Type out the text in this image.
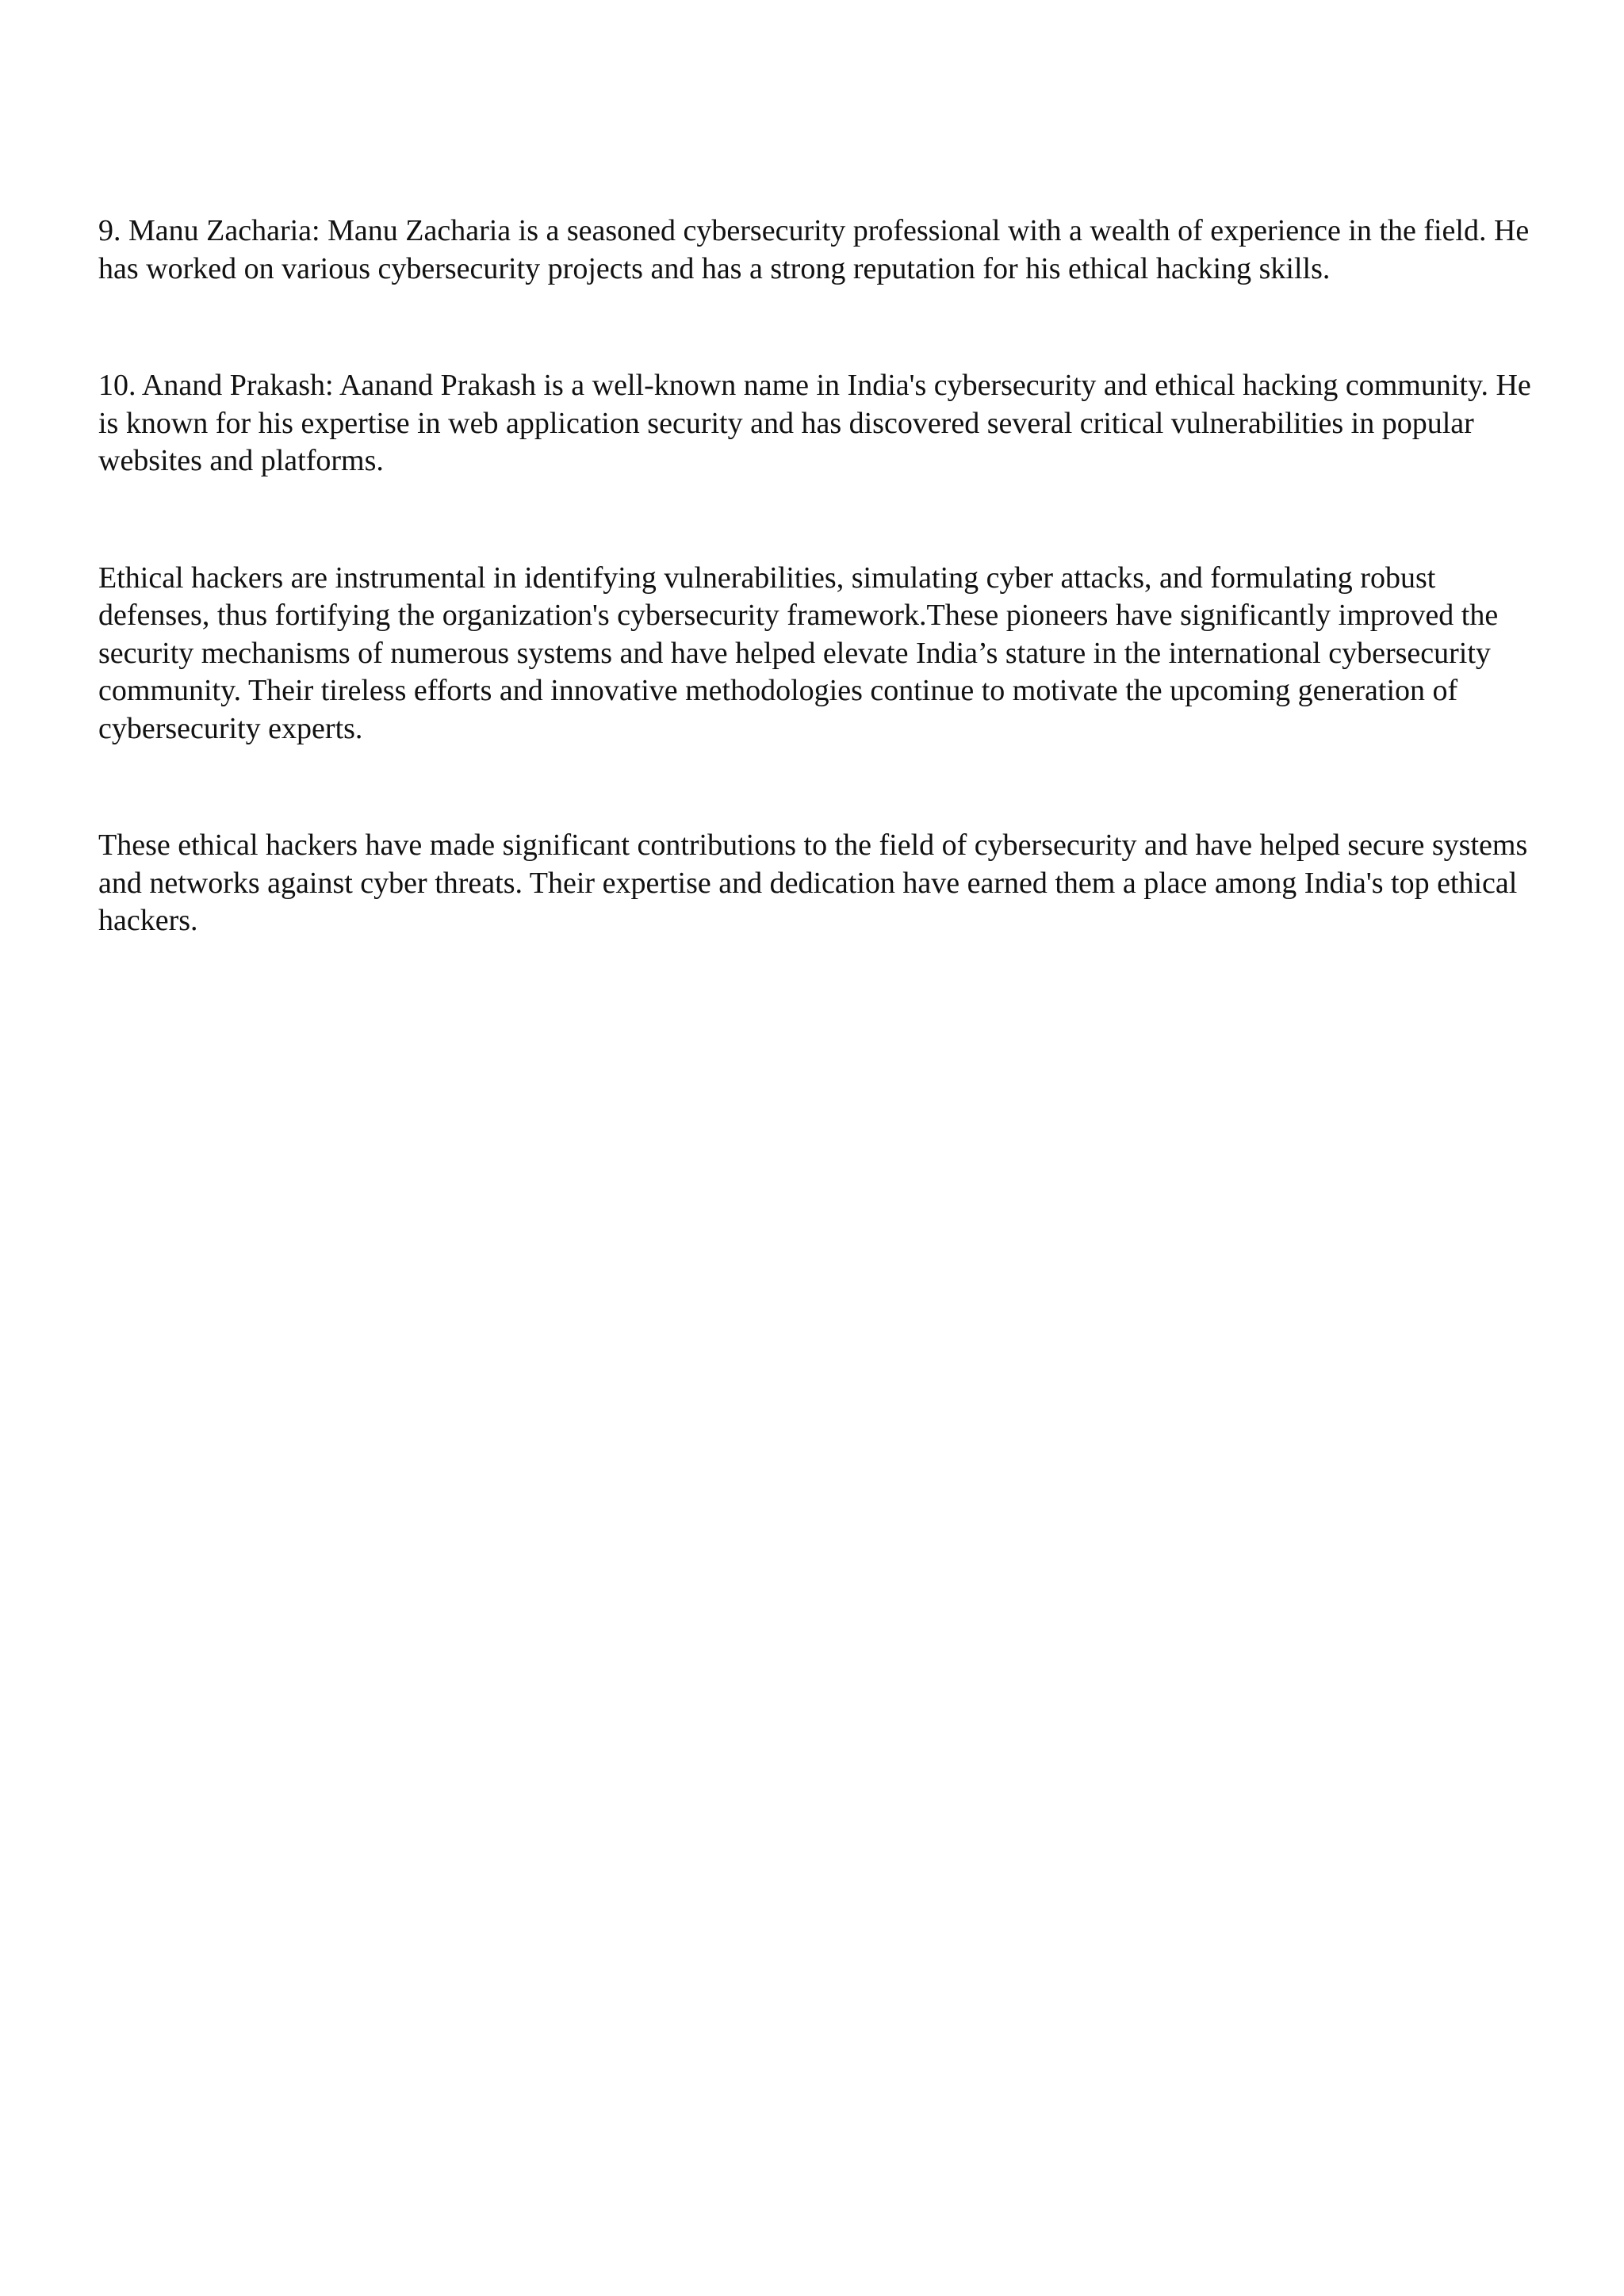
9. Manu Zacharia: Manu Zacharia is a seasoned cybersecurity professional with a wealth of experience in the field. He has worked on various cybersecurity projects and has a strong reputation for his ethical hacking skills.

10. Anand Prakash: Aanand Prakash is a well-known name in India's cybersecurity and ethical hacking community. He is known for his expertise in web application security and has discovered several critical vulnerabilities in popular websites and platforms.

Ethical hackers are instrumental in identifying vulnerabilities, simulating cyber attacks, and formulating robust defenses, thus fortifying the organization's cybersecurity framework.These pioneers have significantly improved the security mechanisms of numerous systems and have helped elevate India’s stature in the international cybersecurity community. Their tireless efforts and innovative methodologies continue to motivate the upcoming generation of cybersecurity experts.

These ethical hackers have made significant contributions to the field of cybersecurity and have helped secure systems and networks against cyber threats. Their expertise and dedication have earned them a place among India's top ethical hackers.
